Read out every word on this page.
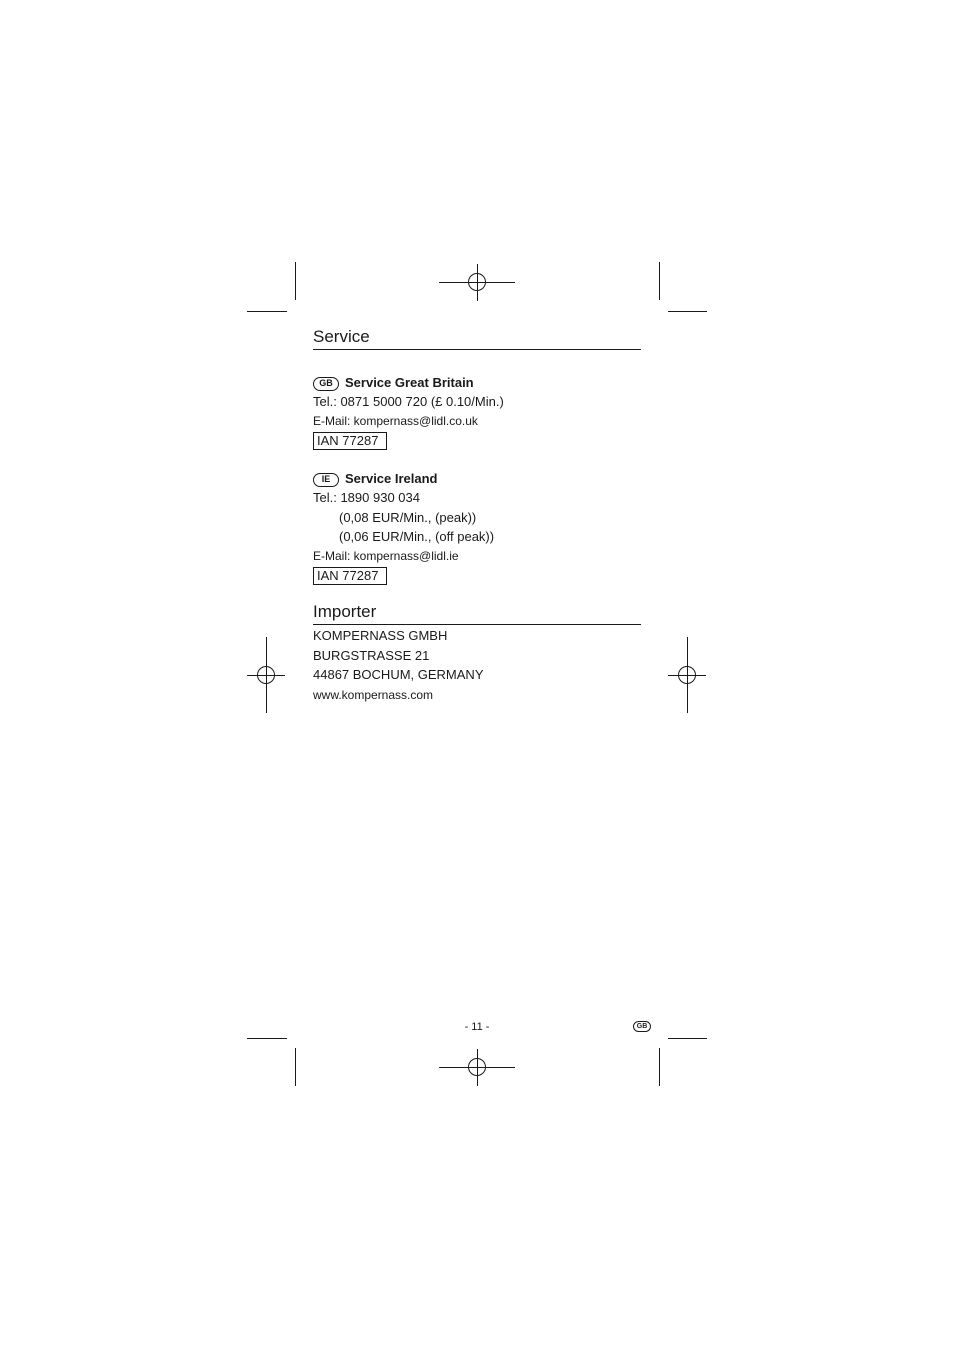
Service
GB Service Great Britain
Tel.: 0871 5000 720 (£ 0.10/Min.)
E-Mail: kompernass@lidl.co.uk
IAN 77287
IE Service Ireland
Tel.: 1890 930 034
(0,08 EUR/Min., (peak))
(0,06 EUR/Min., (off peak))
E-Mail: kompernass@lidl.ie
IAN 77287
Importer
KOMPERNASS GMBH
BURGSTRASSE 21
44867 BOCHUM, GERMANY
www.kompernass.com
- 11 -	GB
